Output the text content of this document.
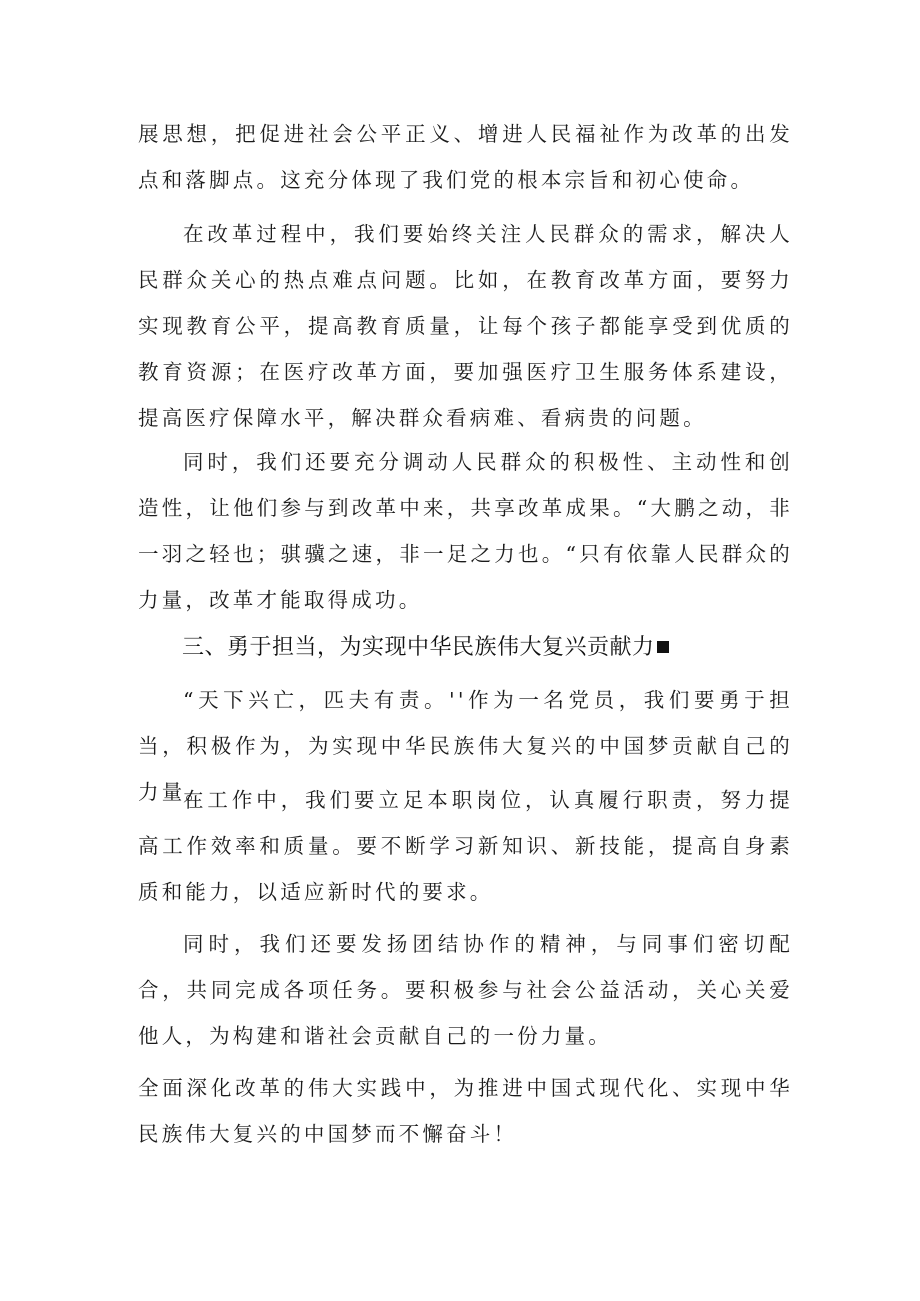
展思想，把促进社会公平正义、增进人民福祉作为改革的出发点和落脚点。这充分体现了我们党的根本宗旨和初心使命。

在改革过程中，我们要始终关注人民群众的需求，解决人民群众关心的热点难点问题。比如，在教育改革方面，要努力实现教育公平，提高教育质量，让每个孩子都能享受到优质的教育资源；在医疗改革方面，要加强医疗卫生服务体系建设，提高医疗保障水平，解决群众看病难、看病贵的问题。

同时，我们还要充分调动人民群众的积极性、主动性和创造性，让他们参与到改革中来，共享改革成果。“大鹏之动，非一羽之轻也；骐骥之速，非一足之力也。“只有依靠人民群众的力量，改革才能取得成功。

三、勇于担当，为实现中华民族伟大复兴贡献力

“天下兴亡，匹夫有责。''作为一名党员，我们要勇于担当，积极作为，为实现中华民族伟大复兴的中国梦贡献自己的力量。

在工作中，我们要立足本职岗位，认真履行职责，努力提高工作效率和质量。要不断学习新知识、新技能，提高自身素质和能力，以适应新时代的要求。

同时，我们还要发扬团结协作的精神，与同事们密切配合，共同完成各项任务。要积极参与社会公益活动，关心关爱他人，为构建和谐社会贡献自己的一份力量。

全面深化改革的伟大实践中，为推进中国式现代化、实现中华民族伟大复兴的中国梦而不懈奋斗！
